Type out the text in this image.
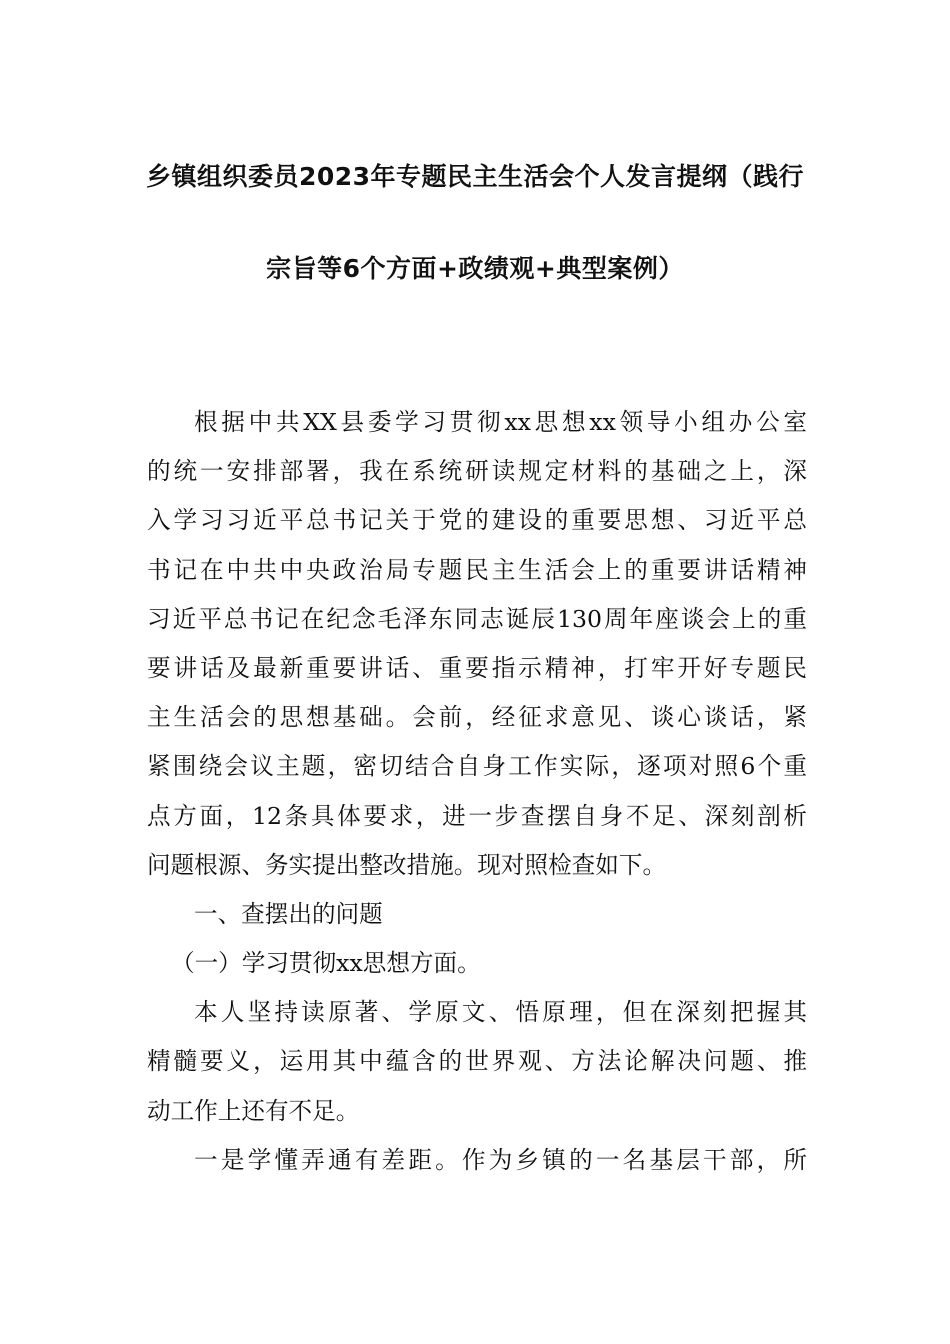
乡镇组织委员2023年专题民主生活会个人发言提纲（践行
宗旨等6个方面+政绩观+典型案例）
根据中共XX县委学习贯彻xx思想xx领导小组办公室
的统一安排部署，我在系统研读规定材料的基础之上，深
入学习习近平总书记关于党的建设的重要思想、习近平总
书记在中共中央政治局专题民主生活会上的重要讲话精神
习近平总书记在纪念毛泽东同志诞辰130周年座谈会上的重
要讲话及最新重要讲话、重要指示精神，打牢开好专题民
主生活会的思想基础。会前，经征求意见、谈心谈话，紧
紧围绕会议主题，密切结合自身工作实际，逐项对照6个重
点方面，12条具体要求，进一步查摆自身不足、深刻剖析
问题根源、务实提出整改措施。现对照检查如下。
一、查摆出的问题
（一）学习贯彻xx思想方面。
本人坚持读原著、学原文、悟原理，但在深刻把握其
精髓要义，运用其中蕴含的世界观、方法论解决问题、推
动工作上还有不足。
一是学懂弄通有差距。作为乡镇的一名基层干部，所
